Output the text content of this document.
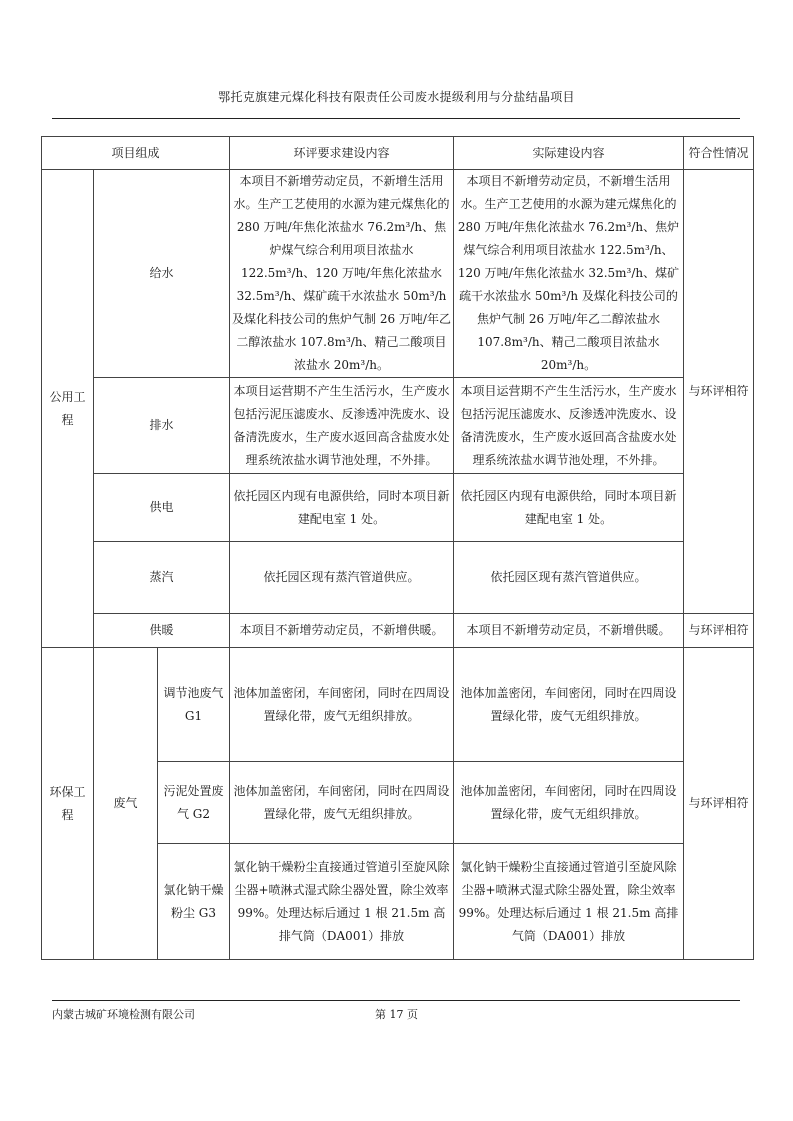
鄂托克旗建元煤化科技有限责任公司废水提级利用与分盐结晶项目
项目组成			环评要求建设内容	实际建设内容	符合性情况
公用工程	给水		本项目不新增劳动定员，不新增生活用水。生产工艺使用的水源为建元煤焦化的 280 万吨/年焦化浓盐水 76.2m³/h、焦炉煤气综合利用项目浓盐水 122.5m³/h、120 万吨/年焦化浓盐水 32.5m³/h、煤矿疏干水浓盐水 50m³/h 及煤化科技公司的焦炉气制 26 万吨/年乙二醇浓盐水 107.8m³/h、精己二酸项目浓盐水 20m³/h。	本项目不新增劳动定员，不新增生活用水。生产工艺使用的水源为建元煤焦化的 280 万吨/年焦化浓盐水 76.2m³/h、焦炉煤气综合利用项目浓盐水 122.5m³/h、120 万吨/年焦化浓盐水 32.5m³/h、煤矿疏干水浓盐水 50m³/h 及煤化科技公司的焦炉气制 26 万吨/年乙二醇浓盐水 107.8m³/h、精己二酸项目浓盐水 20m³/h。	与环评相符
	排水		本项目运营期不产生生活污水，生产废水包括污泥压滤废水、反渗透冲洗废水、设备清洗废水，生产废水返回高含盐废水处理系统浓盐水调节池处理，不外排。	本项目运营期不产生生活污水，生产废水包括污泥压滤废水、反渗透冲洗废水、设备清洗废水，生产废水返回高含盐废水处理系统浓盐水调节池处理，不外排。	
	供电		依托园区内现有电源供给，同时本项目新建配电室 1 处。	依托园区内现有电源供给，同时本项目新建配电室 1 处。	
	蒸汽		依托园区现有蒸汽管道供应。	依托园区现有蒸汽管道供应。	
	供暖		本项目不新增劳动定员，不新增供暖。	本项目不新增劳动定员，不新增供暖。	与环评相符
环保工程	废气	调节池废气 G1	池体加盖密闭，车间密闭，同时在四周设置绿化带，废气无组织排放。	池体加盖密闭，车间密闭，同时在四周设置绿化带，废气无组织排放。	与环评相符
		污泥处置废气 G2	池体加盖密闭，车间密闭，同时在四周设置绿化带，废气无组织排放。	池体加盖密闭，车间密闭，同时在四周设置绿化带，废气无组织排放。	
		氯化钠干燥粉尘 G3	氯化钠干燥粉尘直接通过管道引至旋风除尘器+喷淋式湿式除尘器处置，除尘效率 99%。处理达标后通过 1 根 21.5m 高排气筒（DA001）排放	氯化钠干燥粉尘直接通过管道引至旋风除尘器+喷淋式湿式除尘器处置，除尘效率 99%。处理达标后通过 1 根 21.5m 高排气筒（DA001）排放	
内蒙古城矿环境检测有限公司	第 17 页
